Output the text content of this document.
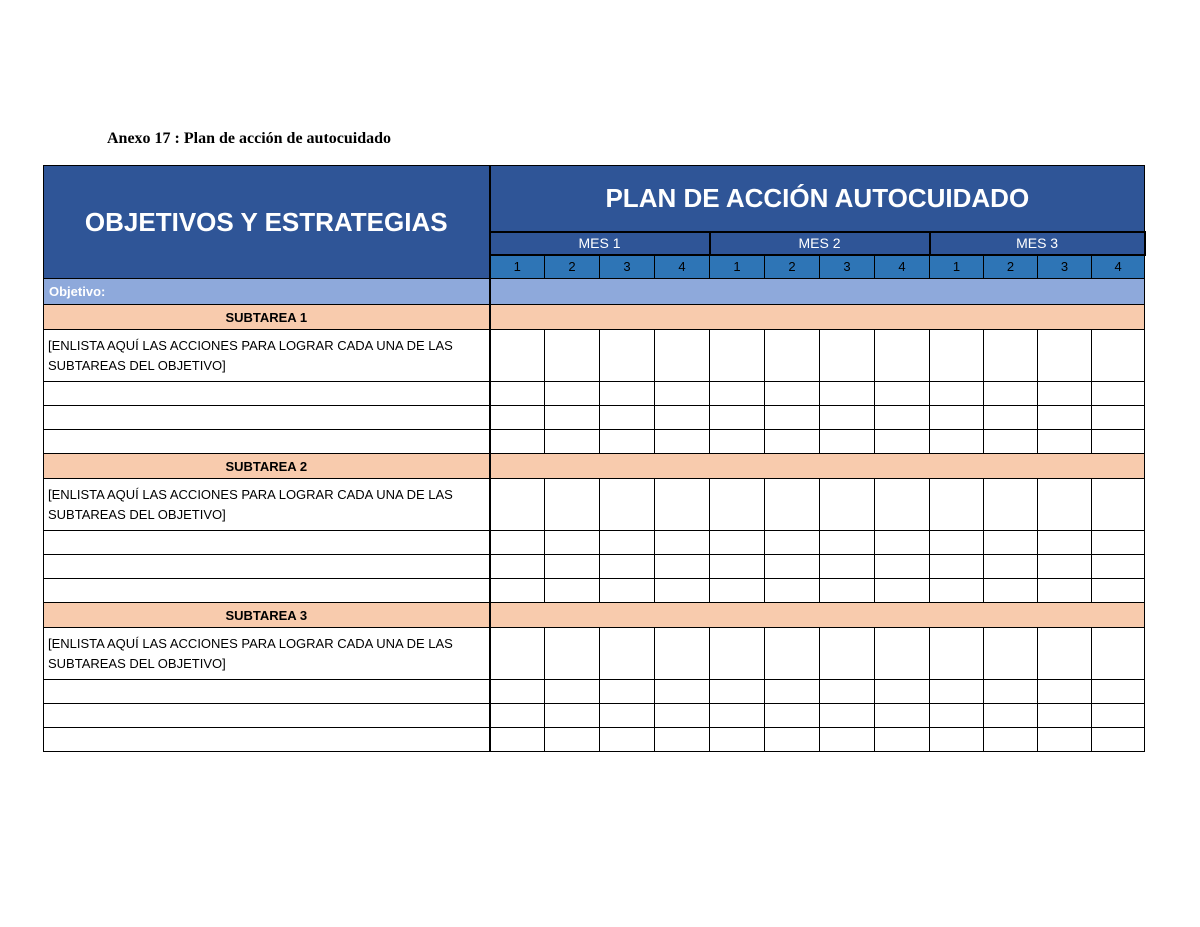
Anexo 17 : Plan de acción de autocuidado
OBJETIVOS Y ESTRATEGIAS	PLAN DE ACCIÓN AUTOCUIDADO											
	MES 1				MES 2				MES 3			
	1	2	3	4	1	2	3	4	1	2	3	4
Objetivo:												
SUBTAREA 1												
[ENLISTA AQUÍ LAS ACCIONES PARA LOGRAR CADA UNA DE LAS SUBTAREAS DEL OBJETIVO]												

SUBTAREA 2												
[ENLISTA AQUÍ LAS ACCIONES PARA LOGRAR CADA UNA DE LAS SUBTAREAS DEL OBJETIVO]												

SUBTAREA 3												
[ENLISTA AQUÍ LAS ACCIONES PARA LOGRAR CADA UNA DE LAS SUBTAREAS DEL OBJETIVO]												
